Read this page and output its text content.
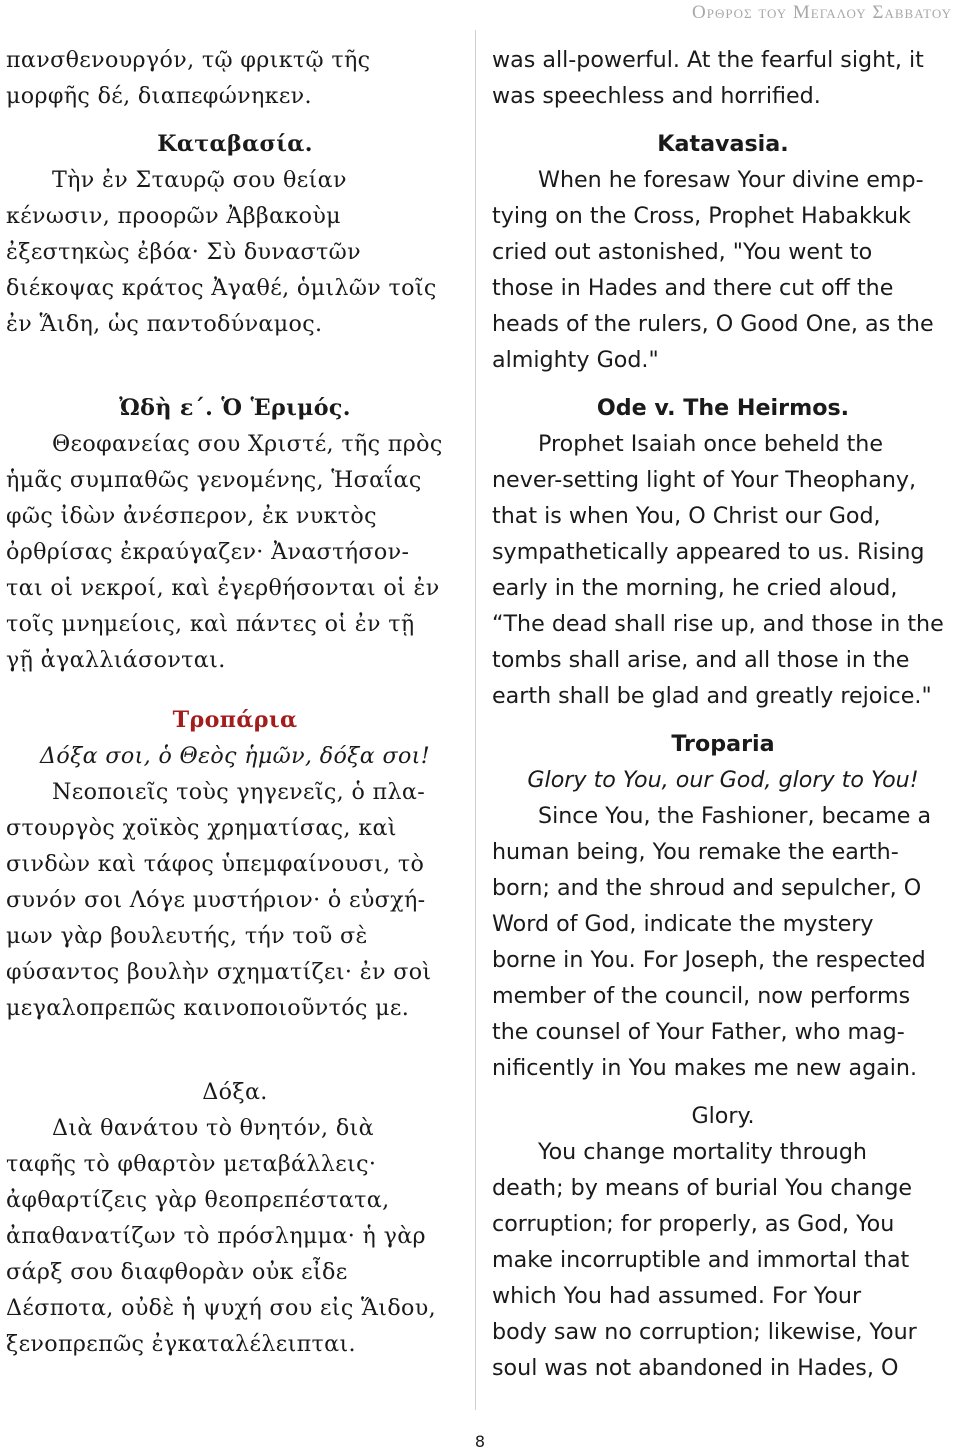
Ορθρος του Μεγαλου Σαββατου
πανσθενουργόν, τῷ φρικτῷ τῆς
μορφῆς δέ, διαπεφώνηκεν.
Καταβασία.
Τὴν ἐν Σταυρῷ σου θείαν
κένωσιν, προορῶν Ἀββακοὺμ
ἐξεστηκὼς ἐβόα· Σὺ δυναστῶν
διέκοψας κράτος Ἀγαθέ, ὁμιλῶν τοῖς
ἐν Ἅιδη, ὡς παντοδύναμος.
Ὠδὴ ε΄. Ὁ Ἑριμός.
Θεοφανείας σου Χριστέ, τῆς πρὸς
ἡμᾶς συμπαθῶς γενομένης, Ἡσαΐας
φῶς ἰδὼν ἀνέσπερον, ἐκ νυκτὸς
ὀρθρίσας ἐκραύγαζεν· Ἀναστήσον-
ται οἱ νεκροί, καὶ ἐγερθήσονται οἱ ἐν
τοῖς μνημείοις, καὶ πάντες οἱ ἐν τῇ
γῇ ἀγαλλιάσονται.
Τροπάρια
Δόξα σοι, ὁ Θεὸς ἡμῶν, δόξα σοι!
Νεοποιεῖς τοὺς γηγενεῖς, ὁ πλα-
στουργὸς χοϊκὸς χρηματίσας, καὶ
σινδὼν καὶ τάφος ὑπεμφαίνουσι, τὸ
συνόν σοι Λόγε μυστήριον· ὁ εὐσχή-
μων γὰρ βουλευτής, τήν τοῦ σὲ
φύσαντος βουλὴν σχηματίζει· ἐν σοὶ
μεγαλοπρεπῶς καινοποιοῦντός με.
Δόξα.
Διὰ θανάτου τὸ θνητόν, διὰ
ταφῆς τὸ φθαρτὸν μεταβάλλεις·
ἀφθαρτίζεις γὰρ θεοπρεπέστατα,
ἀπαθανατίζων τὸ πρόσλημμα· ἡ γὰρ
σάρξ σου διαφθορὰν οὐκ εἶδε
Δέσποτα, οὐδὲ ἡ ψυχή σου εἰς Ἅιδου,
ξενοπρεπῶς ἐγκαταλέλειπται.
was all-powerful. At the fearful sight, it
was speechless and horrified.
Katavasia.
When he foresaw Your divine emp-
tying on the Cross, Prophet Habakkuk
cried out astonished, "You went to
those in Hades and there cut off the
heads of the rulers, O Good One, as the
almighty God."
Ode v. The Heirmos.
Prophet Isaiah once beheld the
never-setting light of Your Theophany,
that is when You, O Christ our God,
sympathetically appeared to us. Rising
early in the morning, he cried aloud,
“The dead shall rise up, and those in the
tombs shall arise, and all those in the
earth shall be glad and greatly rejoice."
Troparia
Glory to You, our God, glory to You!
Since You, the Fashioner, became a
human being, You remake the earth-
born; and the shroud and sepulcher, O
Word of God, indicate the mystery
borne in You. For Joseph, the respected
member of the council, now performs
the counsel of Your Father, who mag-
nificently in You makes me new again.
Glory.
You change mortality through
death; by means of burial You change
corruption; for properly, as God, You
make incorruptible and immortal that
which You had assumed. For Your
body saw no corruption; likewise, Your
soul was not abandoned in Hades, O
8
